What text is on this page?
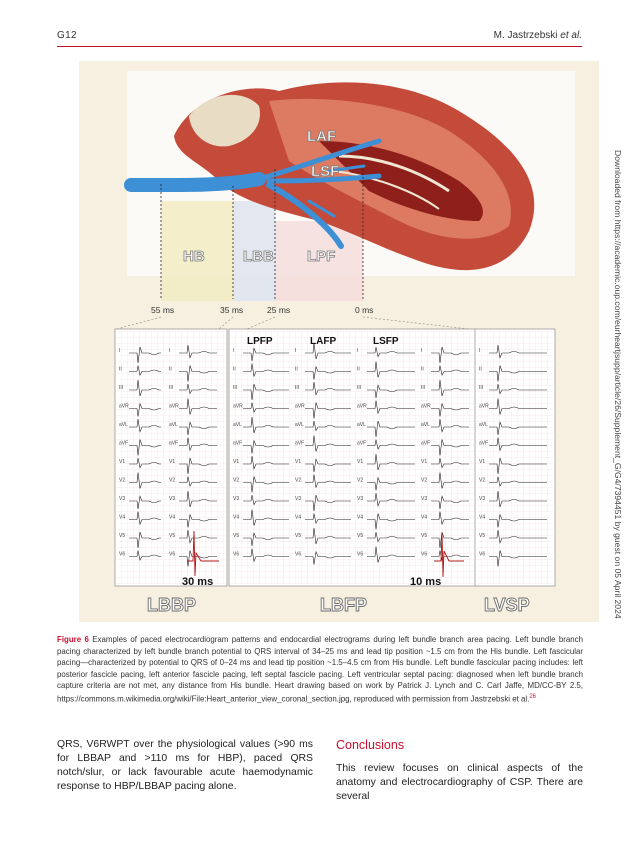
G12	M. Jastrzebski et al.
LAF
LSF
LPF
HB	LBB
55 ms	35 ms	25 ms	0 ms
I
II
III
aVR
aVL
aVF
V1
V2
V3
V4
V5
V6
I
II
III
aVR
aVL
aVF
V1
V2
V3
V4
V5
V6
I
II
III
aVR
aVL
aVF
V1
V2
V3
V4
V5
V6
I
II
III
aVR
aVL
aVF
V1
V2
V3
V4
V5
V6
I
II
III
aVR
aVL
aVF
V1
V2
V3
V4
V5
V6
I
II
III
aVR
aVL
aVF
V1
V2
V3
V4
V5
V6
I
II
III
aVR
aVL
aVF
V1
V2
V3
V4
V5
V6
LPFP	LAFP	LSFP
30 ms	10 ms
LBBP	LBFP	LVSP	Downloaded from https://academic.oup.com/eurheartjsupp/article/26/Supplement_G/G4/7394451 by guest on 05 April 2024
Figure 6 Examples of paced electrocardiogram patterns and endocardial electrograms during left bundle branch area pacing. Left bundle branch pacing characterized by left bundle branch potential to QRS interval of 34–25 ms and lead tip position ~1.5 cm from the His bundle. Left fascicular pacing—characterized by potential to QRS of 0–24 ms and lead tip position ~1.5–4.5 cm from His bundle. Left bundle fascicular pacing includes: left posterior fascicle pacing, left anterior fascicle pacing, left septal fascicle pacing. Left ventricular septal pacing: diagnosed when left bundle branch capture criteria are not met, any distance from His bundle. Heart drawing based on work by Patrick J. Lynch and C. Carl Jaffe, MD/CC-BY 2.5, https://commons.m.wikimedia.org/wiki/File:Heart_anterior_view_coronal_section.jpg, reproduced with permission from Jastrzebski et al.$^{26}$
QRS, V6RWPT over the physiological values (>90 ms for LBBAP and >110 ms for HBP), paced QRS notch/slur, or lack favourable acute haemodynamic response to HBP/LBBAP pacing alone.
Conclusions
This review focuses on clinical aspects of the anatomy and electrocardiography of CSP. There are several
